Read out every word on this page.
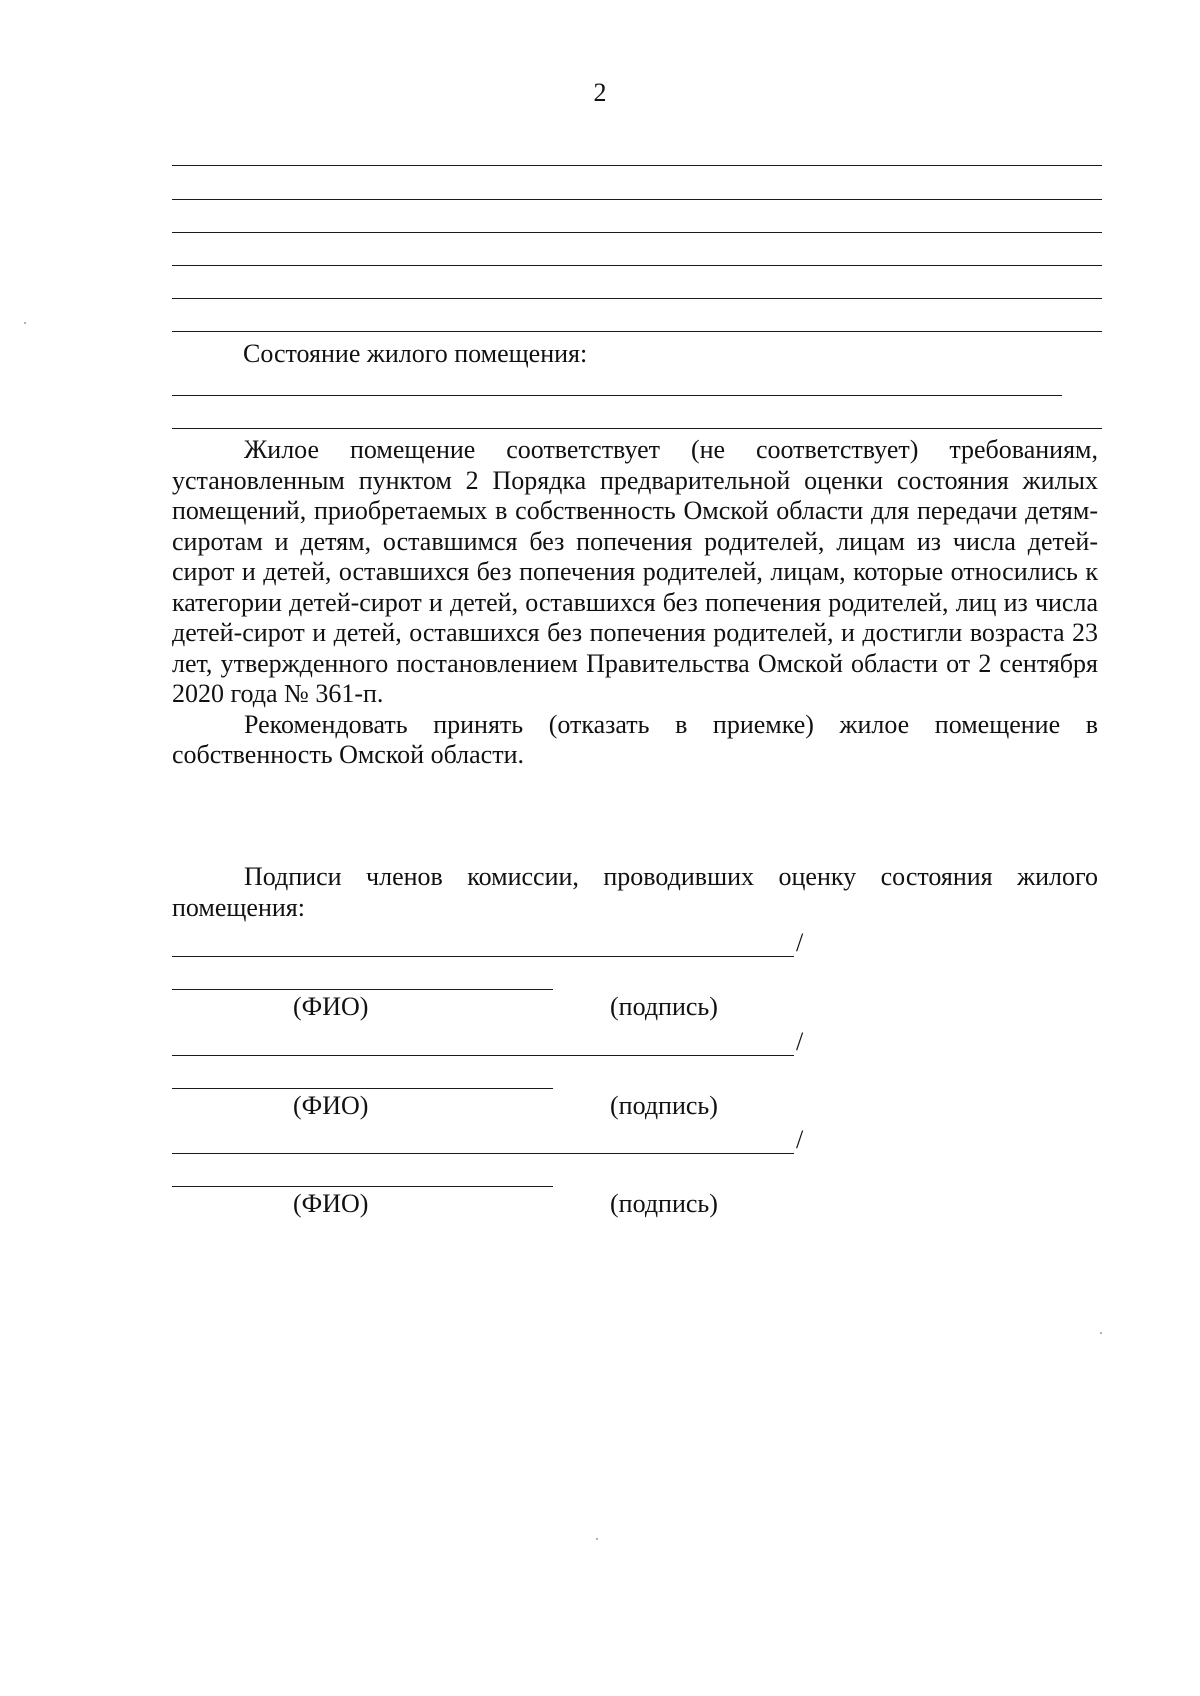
2
Состояние жилого помещения:

Жилое помещение соответствует (не соответствует) требованиям, установленным пунктом 2 Порядка предварительной оценки состояния жилых помещений, приобретаемых в собственность Омской области для передачи детям-сиротам и детям, оставшимся без попечения родителей, лицам из числа детей-сирот и детей, оставшихся без попечения родителей, лицам, которые относились к категории детей-сирот и детей, оставшихся без попечения родителей, лиц из числа детей-сирот и детей, оставшихся без попечения родителей, и достигли возраста 23 лет, утвержденного постановлением Правительства Омской области от 2 сентября 2020 года № 361-п.

Рекомендовать принять (отказать в приемке) жилое помещение в собственность Омской области.

Подписи членов комиссии, проводивших оценку состояния жилого помещения:

/
(ФИО)	(подпись)
/
(ФИО)	(подпись)
/
(ФИО)	(подпись)
